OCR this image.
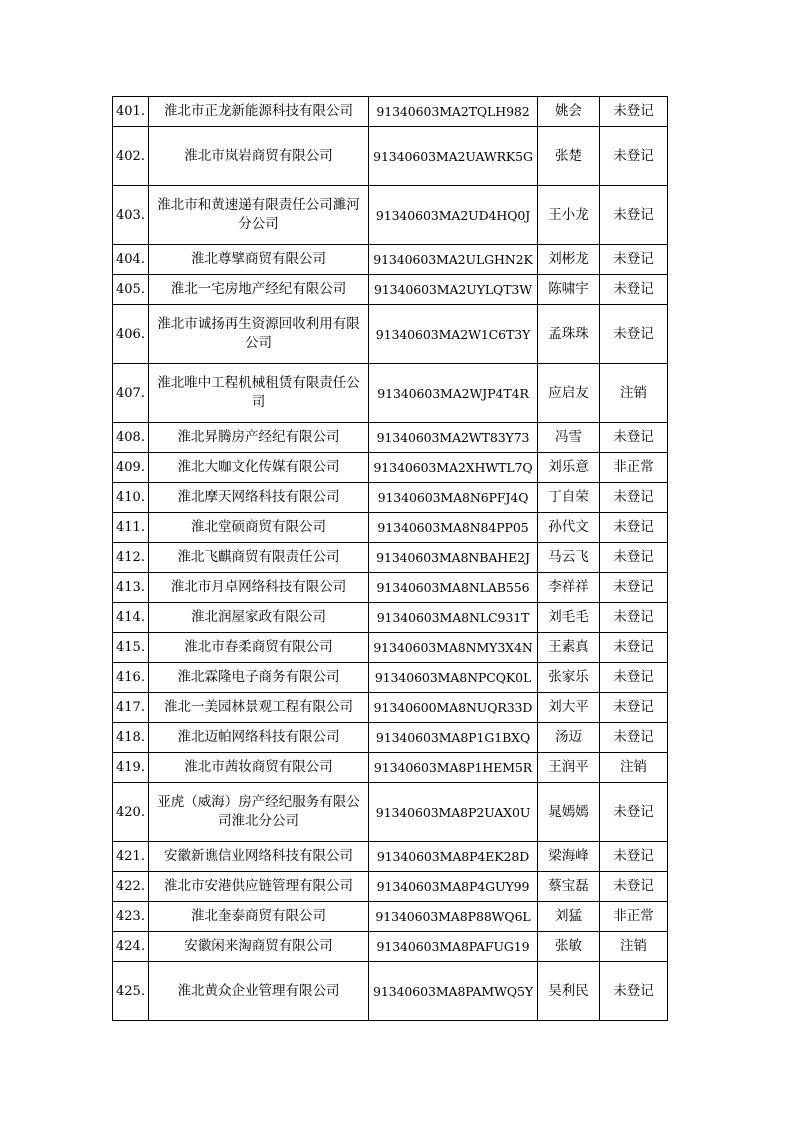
401.	淮北市正龙新能源科技有限公司	91340603MA2TQLH982	姚会	未登记
402.	淮北市岚岩商贸有限公司	91340603MA2UAWRK5G	张楚	未登记
403.	淮北市和黄速递有限责任公司濉河分公司	91340603MA2UD4HQ0J	王小龙	未登记
404.	淮北尊擘商贸有限公司	91340603MA2ULGHN2K	刘彬龙	未登记
405.	淮北一宅房地产经纪有限公司	91340603MA2UYLQT3W	陈啸宇	未登记
406.	淮北市诚扬再生资源回收利用有限公司	91340603MA2W1C6T3Y	孟珠珠	未登记
407.	淮北唯中工程机械租赁有限责任公司	91340603MA2WJP4T4R	应启友	注销
408.	淮北昇腾房产经纪有限公司	91340603MA2WT83Y73	冯雪	未登记
409.	淮北大咖文化传媒有限公司	91340603MA2XHWTL7Q	刘乐意	非正常
410.	淮北摩天网络科技有限公司	91340603MA8N6PFJ4Q	丁自荣	未登记
411.	淮北堂硕商贸有限公司	91340603MA8N84PP05	孙代文	未登记
412.	淮北飞麒商贸有限责任公司	91340603MA8NBAHE2J	马云飞	未登记
413.	淮北市月卓网络科技有限公司	91340603MA8NLAB556	李祥祥	未登记
414.	淮北润屋家政有限公司	91340603MA8NLC931T	刘毛毛	未登记
415.	淮北市春柔商贸有限公司	91340603MA8NMY3X4N	王素真	未登记
416.	淮北霖隆电子商务有限公司	91340603MA8NPCQK0L	张家乐	未登记
417.	淮北一美园林景观工程有限公司	91340600MA8NUQR33D	刘大平	未登记
418.	淮北迈帕网络科技有限公司	91340603MA8P1G1BXQ	汤迈	未登记
419.	淮北市茜妆商贸有限公司	91340603MA8P1HEM5R	王润平	注销
420.	亚虎（威海）房产经纪服务有限公司淮北分公司	91340603MA8P2UAX0U	晁嫣嫣	未登记
421.	安徽新谯信业网络科技有限公司	91340603MA8P4EK28D	梁海峰	未登记
422.	淮北市安港供应链管理有限公司	91340603MA8P4GUY99	蔡宝磊	未登记
423.	淮北奎泰商贸有限公司	91340603MA8P88WQ6L	刘猛	非正常
424.	安徽闲来淘商贸有限公司	91340603MA8PAFUG19	张敏	注销
425.	淮北黄众企业管理有限公司	91340603MA8PAMWQ5Y	吴利民	未登记
